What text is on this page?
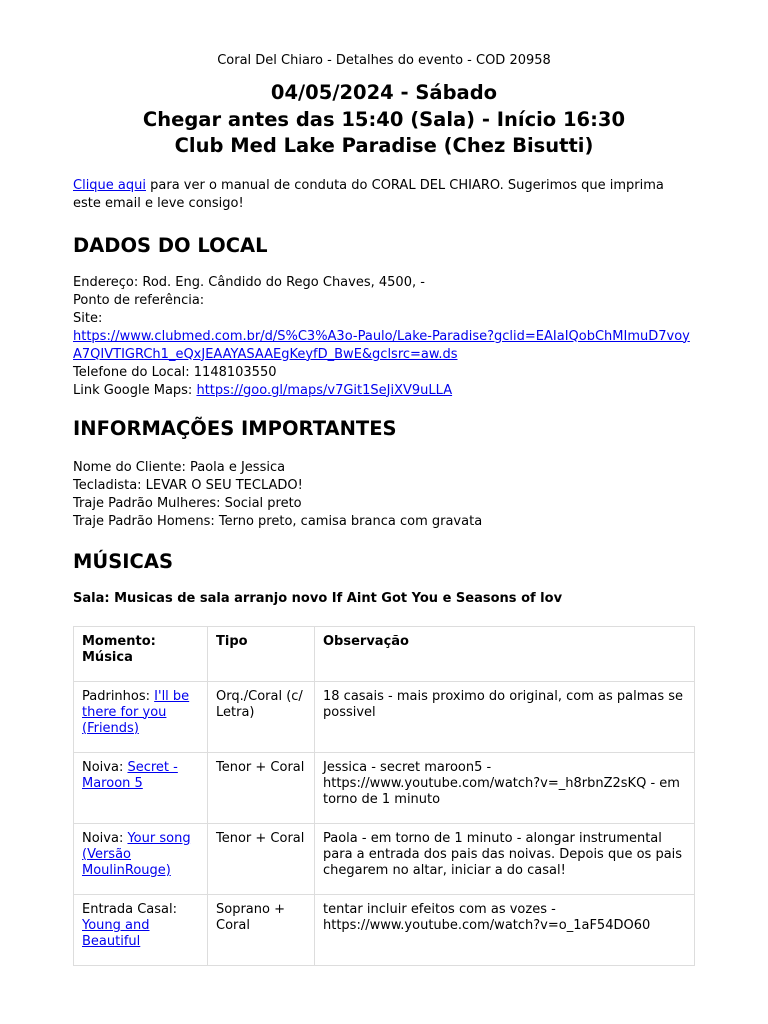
Coral Del Chiaro - Detalhes do evento - COD 20958
04/05/2024 - Sábado
Chegar antes das 15:40 (Sala) - Início 16:30
Club Med Lake Paradise (Chez Bisutti)
Clique aqui para ver o manual de conduta do CORAL DEL CHIARO. Sugerimos que imprima este email e leve consigo!
DADOS DO LOCAL
Endereço: Rod. Eng. Cândido do Rego Chaves, 4500, -
Ponto de referência:
Site:
https://www.clubmed.com.br/d/S%C3%A3o-Paulo/Lake-Paradise?gclid=EAIaIQobChMImuD7voyA7QIVTIGRCh1_eQxJEAAYASAAEgKeyfD_BwE&gclsrc=aw.ds
Telefone do Local: 1148103550
Link Google Maps: https://goo.gl/maps/v7Git1SeJiXV9uLLA
INFORMAÇÕES IMPORTANTES
Nome do Cliente: Paola e Jessica
Tecladista: LEVAR O SEU TECLADO!
Traje Padrão Mulheres: Social preto
Traje Padrão Homens: Terno preto, camisa branca com gravata
MÚSICAS
Sala: Musicas de sala arranjo novo If Aint Got You e Seasons of lov
Momento: Música	Tipo	Observação
Padrinhos: I'll be there for you (Friends)	Orq./Coral (c/ Letra)	18 casais - mais proximo do original, com as palmas se possivel
Noiva: Secret - Maroon 5	Tenor + Coral	Jessica - secret maroon5 - https://www.youtube.com/watch?v=_h8rbnZ2sKQ - em torno de 1 minuto
Noiva: Your song (Versão MoulinRouge)	Tenor + Coral	Paola - em torno de 1 minuto - alongar instrumental para a entrada dos pais das noivas. Depois que os pais chegarem no altar, iniciar a do casal!
Entrada Casal: Young and Beautiful	Soprano + Coral	tentar incluir efeitos com as vozes - https://www.youtube.com/watch?v=o_1aF54DO60
